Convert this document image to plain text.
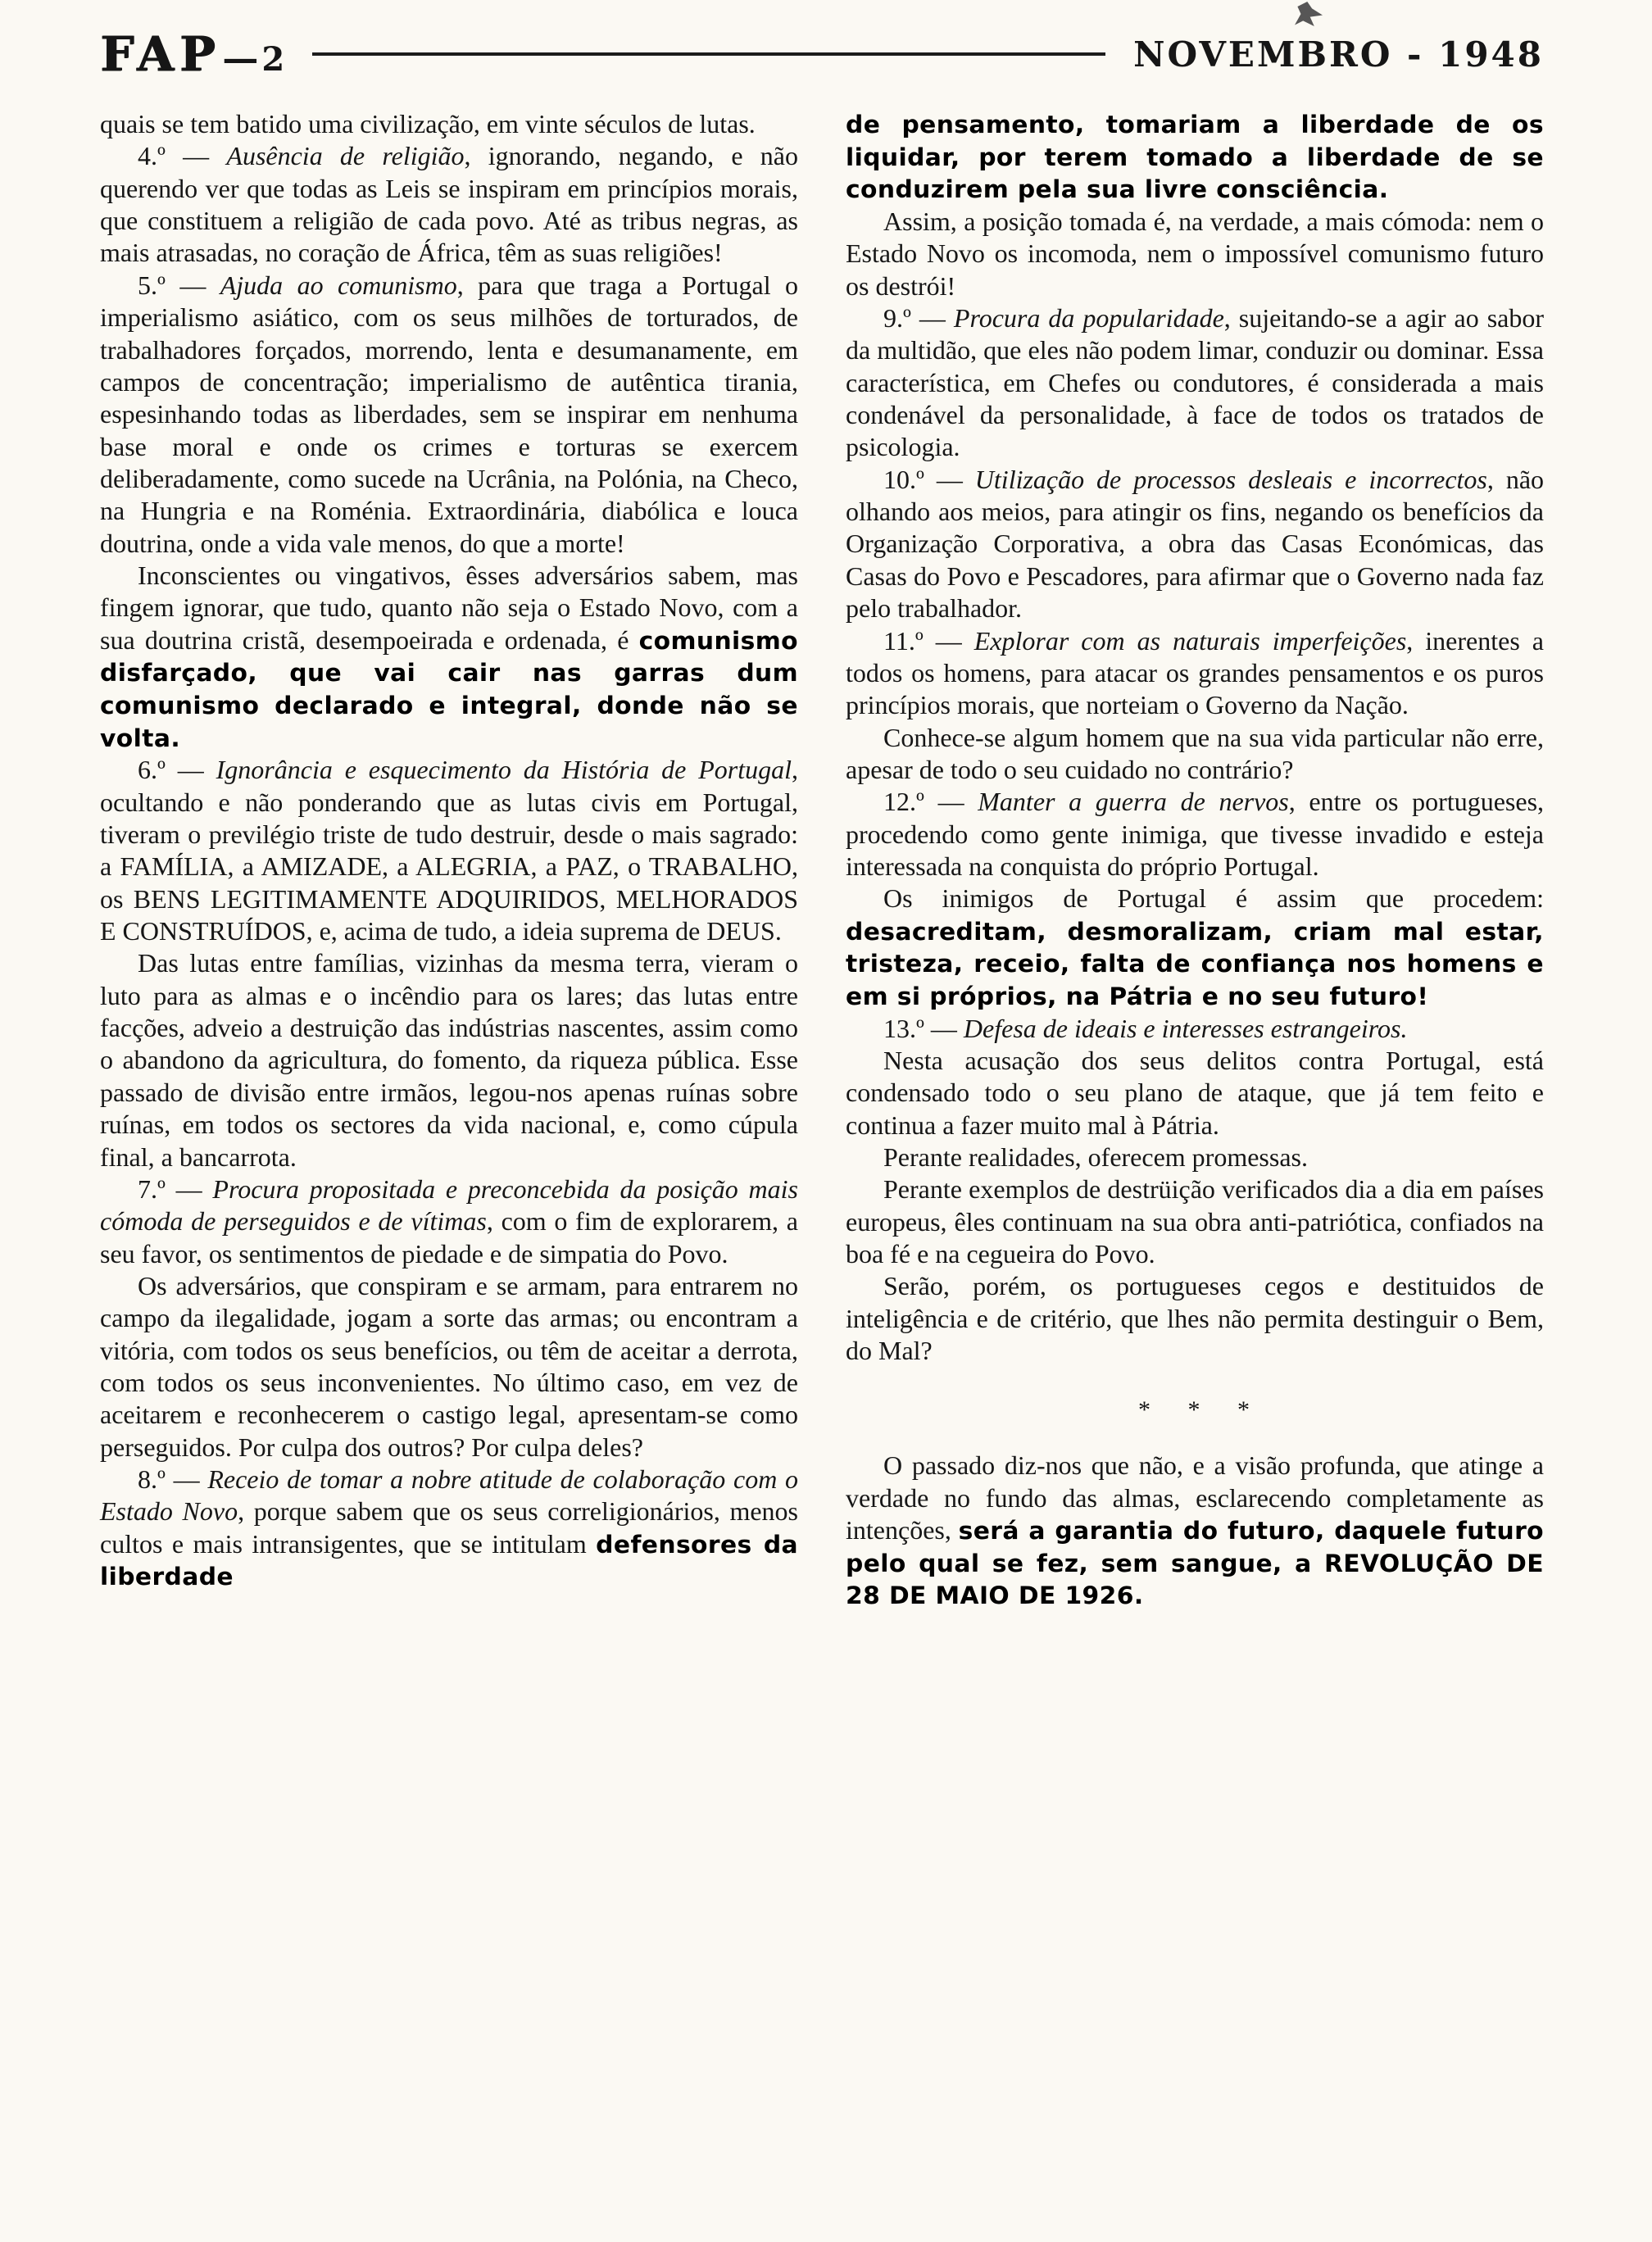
FAP — 2	NOVEMBRO - 1948

quais se tem batido uma civilização, em vinte séculos de lutas.

4.º — Ausência de religião, ignorando, negando, e não querendo ver que todas as Leis se inspiram em princípios morais, que constituem a religião de cada povo. Até as tribus negras, as mais atrasadas, no coração de África, têm as suas religiões!

5.º — Ajuda ao comunismo, para que traga a Portugal o imperialismo asiático, com os seus milhões de torturados, de trabalhadores forçados, morrendo, lenta e desumanamente, em campos de concentração; imperialismo de autêntica tirania, espesinhando todas as liberdades, sem se inspirar em nenhuma base moral e onde os crimes e torturas se exercem deliberadamente, como sucede na Ucrânia, na Polónia, na Checo, na Hungria e na Roménia. Extraordinária, diabólica e louca doutrina, onde a vida vale menos, do que a morte!

Inconscientes ou vingativos, êsses adversários sabem, mas fingem ignorar, que tudo, quanto não seja o Estado Novo, com a sua doutrina cristã, desempoeirada e ordenada, é comunismo disfarçado, que vai cair nas garras dum comunismo declarado e integral, donde não se volta.

6.º — Ignorância e esquecimento da História de Portugal, ocultando e não ponderando que as lutas civis em Portugal, tiveram o previlégio triste de tudo destruir, desde o mais sagrado: a FAMÍLIA, a AMIZADE, a ALEGRIA, a PAZ, o TRABALHO, os BENS LEGITIMAMENTE ADQUIRIDOS, MELHORADOS E CONSTRUÍDOS, e, acima de tudo, a ideia suprema de DEUS.

Das lutas entre famílias, vizinhas da mesma terra, vieram o luto para as almas e o incêndio para os lares; das lutas entre facções, adveio a destruição das indústrias nascentes, assim como o abandono da agricultura, do fomento, da riqueza pública. Esse passado de divisão entre irmãos, legou-nos apenas ruínas sobre ruínas, em todos os sectores da vida nacional, e, como cúpula final, a bancarrota.

7.º — Procura propositada e preconcebida da posição mais cómoda de perseguidos e de vítimas, com o fim de explorarem, a seu favor, os sentimentos de piedade e de simpatia do Povo.

Os adversários, que conspiram e se armam, para entrarem no campo da ilegalidade, jogam a sorte das armas; ou encontram a vitória, com todos os seus benefícios, ou têm de aceitar a derrota, com todos os seus inconvenientes. No último caso, em vez de aceitarem e reconhecerem o castigo legal, apresentam-se como perseguidos. Por culpa dos outros? Por culpa deles?

8.º — Receio de tomar a nobre atitude de colaboração com o Estado Novo, porque sabem que os seus correligionários, menos cultos e mais intransigentes, que se intitulam defensores da liberdade

de pensamento, tomariam a liberdade de os liquidar, por terem tomado a liberdade de se conduzirem pela sua livre consciência.

Assim, a posição tomada é, na verdade, a mais cómoda: nem o Estado Novo os incomoda, nem o impossível comunismo futuro os destrói!

9.º — Procura da popularidade, sujeitando-se a agir ao sabor da multidão, que eles não podem limar, conduzir ou dominar. Essa característica, em Chefes ou condutores, é considerada a mais condenável da personalidade, à face de todos os tratados de psicologia.

10.º — Utilização de processos desleais e incorrectos, não olhando aos meios, para atingir os fins, negando os benefícios da Organização Corporativa, a obra das Casas Económicas, das Casas do Povo e Pescadores, para afirmar que o Governo nada faz pelo trabalhador.

11.º — Explorar com as naturais imperfeições, inerentes a todos os homens, para atacar os grandes pensamentos e os puros princípios morais, que norteiam o Governo da Nação.

Conhece-se algum homem que na sua vida particular não erre, apesar de todo o seu cuidado no contrário?

12.º — Manter a guerra de nervos, entre os portugueses, procedendo como gente inimiga, que tivesse invadido e esteja interessada na conquista do próprio Portugal.

Os inimigos de Portugal é assim que procedem: desacreditam, desmoralizam, criam mal estar, tristeza, receio, falta de confiança nos homens e em si próprios, na Pátria e no seu futuro!

13.º — Defesa de ideais e interesses estrangeiros.

Nesta acusação dos seus delitos contra Portugal, está condensado todo o seu plano de ataque, que já tem feito e continua a fazer muito mal à Pátria.

Perante realidades, oferecem promessas.

Perante exemplos de destrüição verificados dia a dia em países europeus, êles continuam na sua obra anti-patriótica, confiados na boa fé e na cegueira do Povo.

Serão, porém, os portugueses cegos e destituidos de inteligência e de critério, que lhes não permita destinguir o Bem, do Mal?

* * *

O passado diz-nos que não, e a visão profunda, que atinge a verdade no fundo das almas, esclarecendo completamente as intenções, será a garantia do futuro, daquele futuro pelo qual se fez, sem sangue, a REVOLUÇÃO DE 28 DE MAIO DE 1926.
